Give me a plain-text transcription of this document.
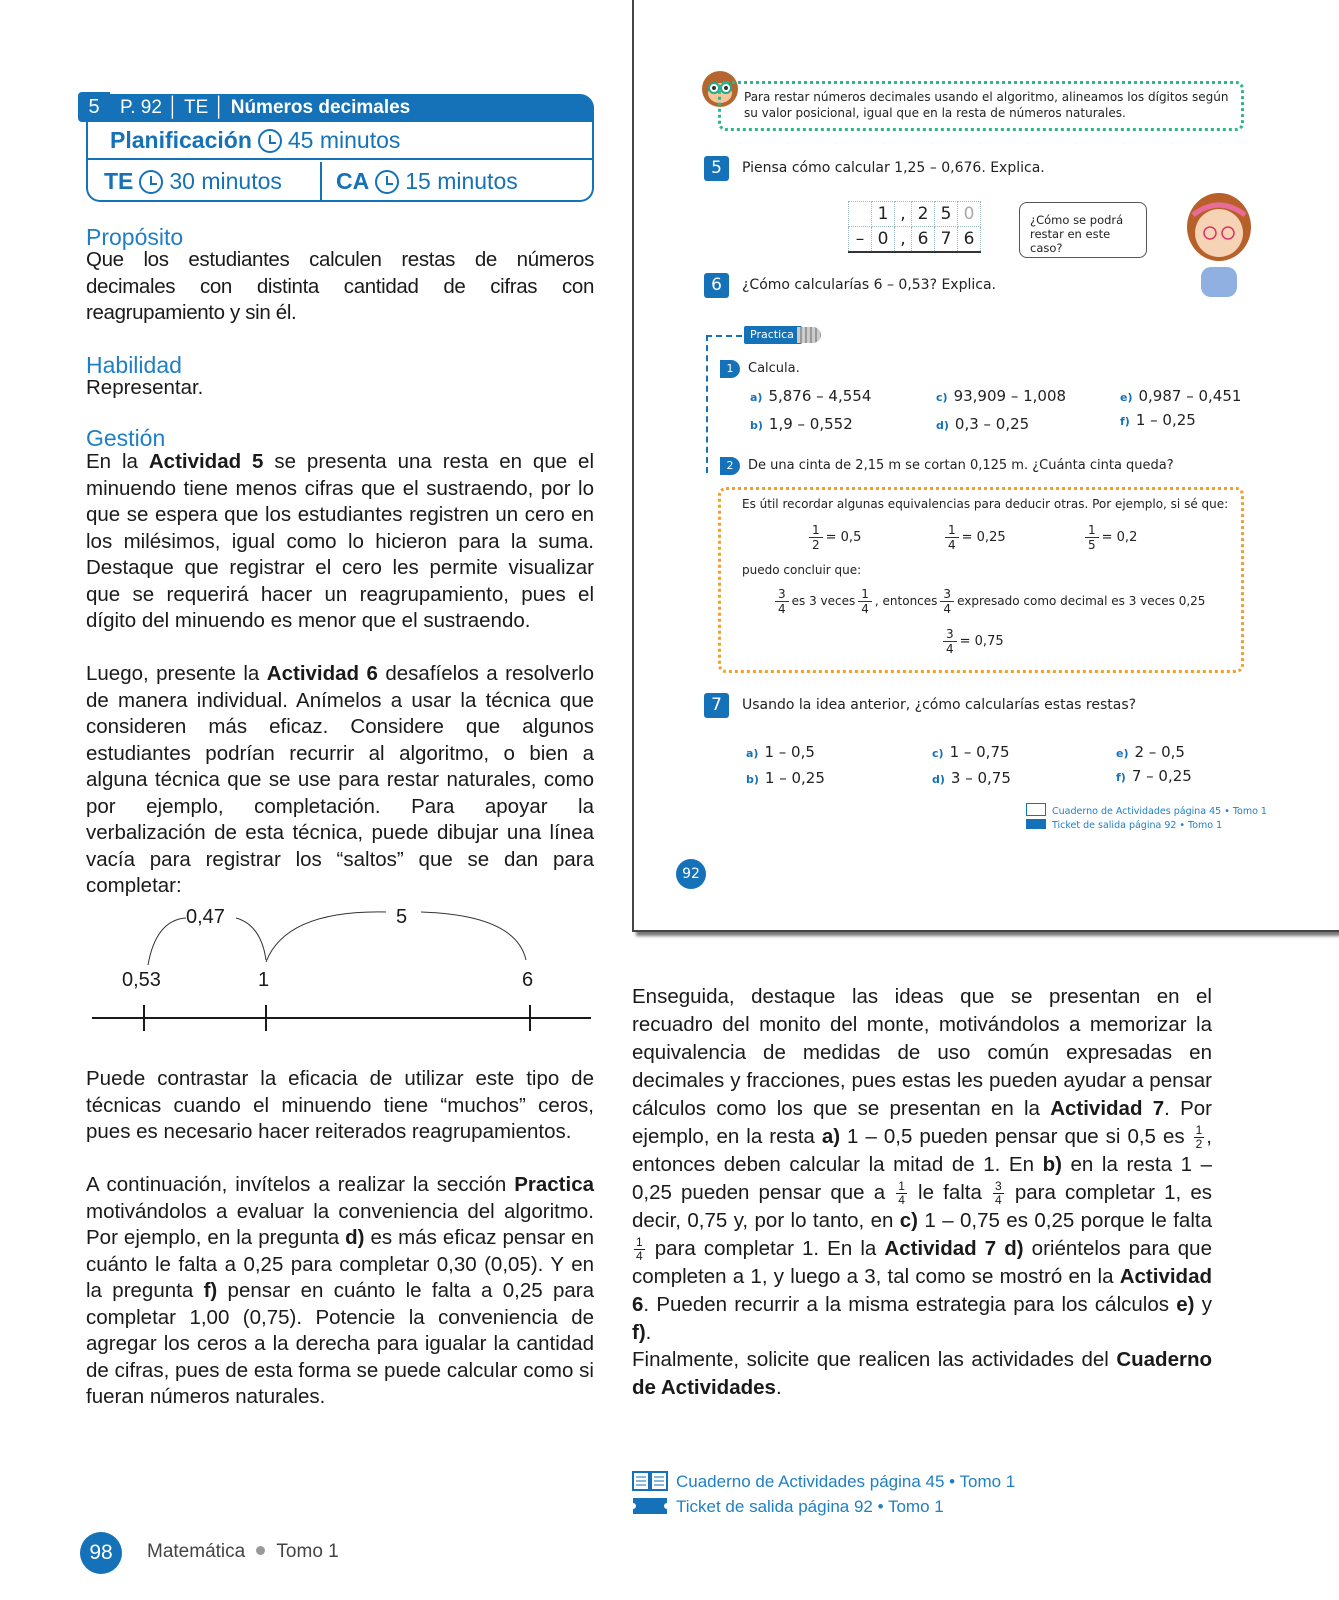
5	P. 92 │ TE │ Números decimales
Planificación 45 minutos
TE 30 minutos CA 15 minutos
Propósito
Que los estudiantes calculen restas de números decimales con distinta cantidad de cifras con reagrupamiento y sin él.
Habilidad
Representar.
Gestión
En la Actividad 5 se presenta una resta en que el minuendo tiene menos cifras que el sustraendo, por lo que se espera que los estudiantes registren un cero en los milésimos, igual como lo hicieron para la suma. Destaque que registrar el cero les permite visualizar que se requerirá hacer un reagrupamiento, pues el dígito del minuendo es menor que el sustraendo.
Luego, presente la Actividad 6 desafíelos a resolverlo de manera individual. Anímelos a usar la técnica que consideren más eficaz. Considere que algunos estudiantes podrían recurrir al algoritmo, o bien a alguna técnica que se use para restar naturales, como por ejemplo, completación. Para apoyar la verbalización de esta técnica, puede dibujar una línea vacía para registrar los “saltos” que se dan para completar:
0,47	5
0,53	1	6
Puede contrastar la eficacia de utilizar este tipo de técnicas cuando el minuendo tiene “muchos” ceros, pues es necesario hacer reiterados reagrupamientos.
A continuación, invítelos a realizar la sección Practica motivándolos a evaluar la conveniencia del algoritmo. Por ejemplo, en la pregunta d) es más eficaz pensar en cuánto le falta a 0,25 para completar 0,30 (0,05). Y en la pregunta f) pensar en cuánto le falta a 0,25 para completar 1,00 (0,75). Potencie la conveniencia de agregar los ceros a la derecha para igualar la cantidad de cifras, pues de esta forma se puede calcular como si fueran números naturales.
Enseguida, destaque las ideas que se presentan en el recuadro del monito del monte, motivándolos a memorizar la equivalencia de medidas de uso común expresadas en decimales y fracciones, pues estas les pueden ayudar a pensar cálculos como los que se presentan en la Actividad 7. Por ejemplo, en la resta a) 1 – 0,5 pueden pensar que si 0,5 es $\frac{1}{2}$ , entonces deben calcular la mitad de 1. En b) en la resta 1 – 0,25 pueden pensar que a $\frac{1}{4}$ le falta $\frac{3}{4}$ para completar 1, es decir, 0,75 y, por lo tanto, en c) 1 – 0,75 es 0,25 porque le falta
$\frac{1}{4}$ para completar 1. En la Actividad 7 d) oriéntelos para que completen a 1, y luego a 3, tal como se mostró en la Actividad 6. Pueden recurrir a la misma estrategia para los cálculos e) y f).
Finalmente, solicite que realicen las actividades del Cuaderno de Actividades.
Cuaderno de Actividades página 45 • Tomo 1
Ticket de salida página 92 • Tomo 1
98	Matemática Tomo 1
Para restar números decimales usando el algoritmo, alineamos los dígitos según su valor posicional, igual que en la resta de números naturales.
5	Piensa cómo calcular 1,25 – 0,676. Explica.
	1	,	2	5	0
–	0	,	6	7	6
¿Cómo se podrá restar en este caso?
6	¿Cómo calcularías 6 – 0,53? Explica.
Practica
1	Calcula.
a) 5,876 – 4,554	c) 93,909 – 1,008	e) 0,987 – 0,451
b) 1,9 – 0,552	d) 0,3 – 0,25	f) 1 – 0,25
2	De una cinta de 2,15 m se cortan 0,125 m. ¿Cuánta cinta queda?
Es útil recordar algunas equivalencias para deducir otras. Por ejemplo, si sé que:
$\frac{1}{2} = 0,5$	$\frac{1}{4} = 0,25$	$\frac{1}{5} = 0,2$
puedo concluir que:
$\frac{3}{4}$ es 3 veces $\frac{1}{4}$ , entonces $\frac{3}{4}$ expresado como decimal es 3 veces 0,25
$\frac{3}{4} = 0,75$
7	Usando la idea anterior, ¿cómo calcularías estas restas?
a) 1 – 0,5	c) 1 – 0,75	e) 2 – 0,5
b) 1 – 0,25	d) 3 – 0,75	f) 7 – 0,25
Cuaderno de Actividades página 45 • Tomo 1
Ticket de salida página 92 • Tomo 1
92
